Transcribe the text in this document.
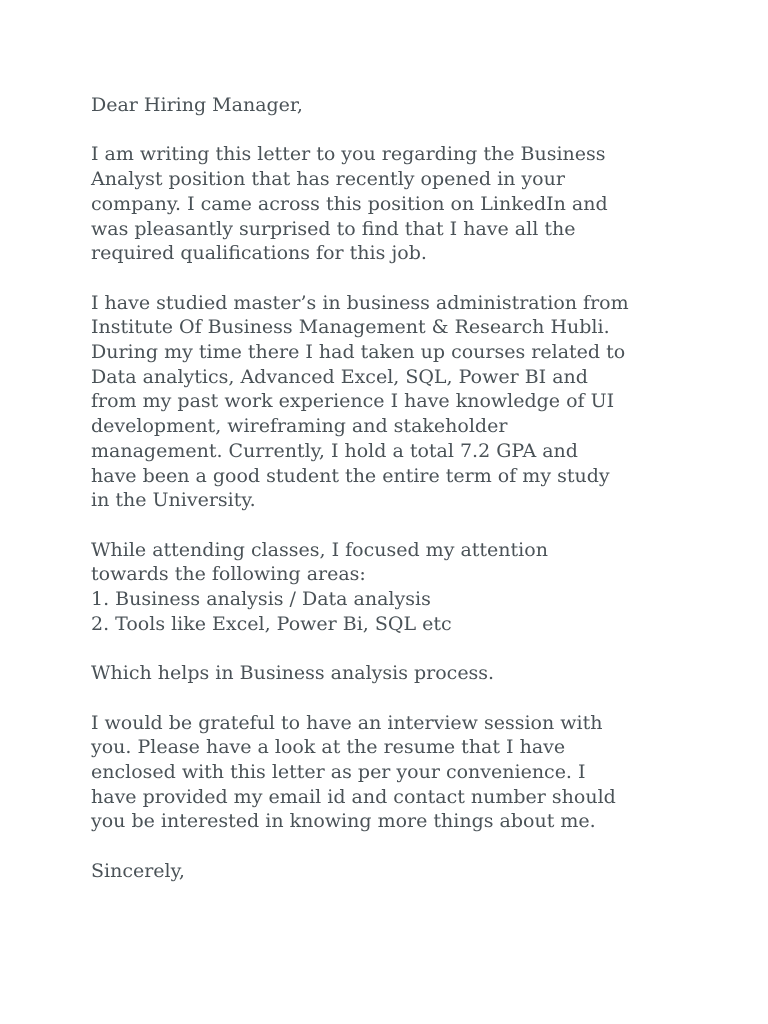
Dear Hiring Manager,

I am writing this letter to you regarding the Business
Analyst position that has recently opened in your
company. I came across this position on LinkedIn and
was pleasantly surprised to find that I have all the
required qualifications for this job.

I have studied master’s in business administration from
Institute Of Business Management & Research Hubli.
During my time there I had taken up courses related to
Data analytics, Advanced Excel, SQL, Power BI and
from my past work experience I have knowledge of UI
development, wireframing and stakeholder
management. Currently, I hold a total 7.2 GPA and
have been a good student the entire term of my study
in the University.

While attending classes, I focused my attention
towards the following areas:
1. Business analysis / Data analysis
2. Tools like Excel, Power Bi, SQL etc

Which helps in Business analysis process.

I would be grateful to have an interview session with
you. Please have a look at the resume that I have
enclosed with this letter as per your convenience. I
have provided my email id and contact number should
you be interested in knowing more things about me.

Sincerely,
